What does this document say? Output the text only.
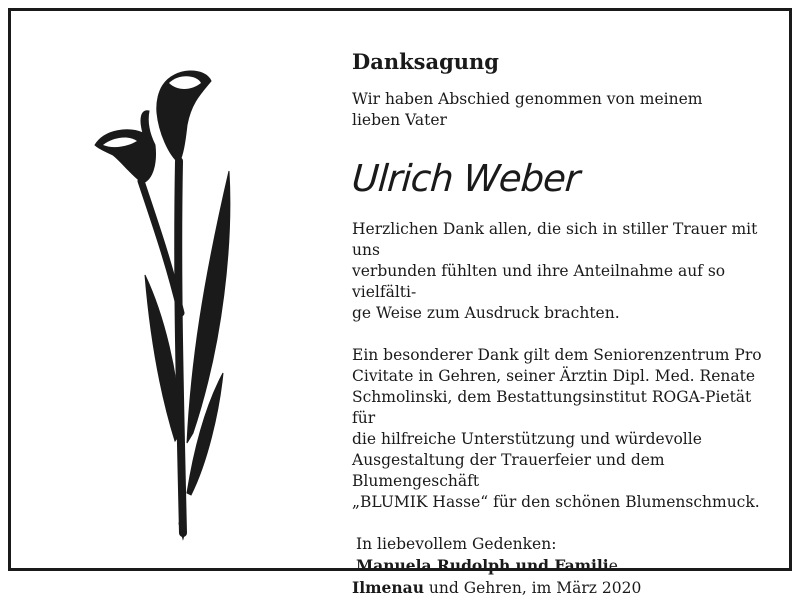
Danksagung
Wir haben Abschied genommen von meinem
lieben Vater
Ulrich Weber
Herzlichen Dank allen, die sich in stiller Trauer mit uns
verbunden fühlten und ihre Anteilnahme auf so vielfälti-
ge Weise zum Ausdruck brachten.
Ein besonderer Dank gilt dem Seniorenzentrum Pro
Civitate in Gehren, seiner Ärztin Dipl. Med. Renate
Schmolinski, dem Bestattungsinstitut ROGA-Pietät für
die hilfreiche Unterstützung und würdevolle
Ausgestaltung der Trauerfeier und dem Blumengeschäft
„BLUMIK Hasse“ für den schönen Blumenschmuck.
In liebevollem Gedenken:
Manuela Rudolph und Familie
Ilmenau und Gehren, im März 2020
